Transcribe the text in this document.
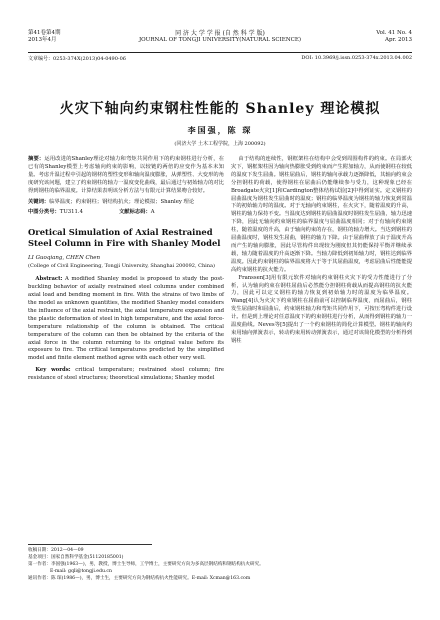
第41卷第4期
2013年4月
同 济 大 学 学 报 (自 然 科 学 版)
JOURNAL OF TONGJI UNIVERSITY(NATURAL SCIENCE)
Vol. 41 No. 4
Apr. 2013
文章编号：0253-374X(2013)04-0490-06	DOI: 10.3969/j.issn.0253-374x.2013.04.002
火灾下轴向约束钢柱性能的 Shanley 理论模拟
李国强，陈 琛
(同济大学 土木工程学院，上海 200092)

摘要：运用改进的Shanley理论对轴力和弯矩共同作用下的约束钢柱进行分析，在已有的Shanley模型上考虑轴向约束的影响，以较链的两倍的应变作为基本未知量。考虑升温过程中引起的钢材的塑性变形和轴向温度膨胀，从弹塑性、大变形的角度研究该问题，建立了约束钢柱的轴力一温度变化曲线，最后通过与初始轴力的对比得到钢柱的临界温度。计算结果表明该分析方法与有限元计算结果吻合较好。

关键词：临界温度；约束钢柱；钢结构抗火；理论模拟；Shanley 理论

中图分类号：TU311.4	文献标志码：A

Oretical Simulation of Axial Restrained Steel Column in Fire with Shanley Model

LI Guoqiang, CHEN Chen

(College of Civil Engineering, Tongji University, Shanghai 200092, China)

Abstract: A modified Shanley model is proposed to study the post-buckling behavior of axially restrained steel columns under combined axial load and bending moment in fire. With the strains of two limbs of the model as unknown quantities, the modified Shanley model considers the influence of the axial restraint, the axial temperature expansion and the plastic deformation of steel in high temperature, and the axial force-temperature relationship of the column is obtained. The critical temperature of the column can then be obtained by the criteria of the axial force in the column returning to its original value before its exposure to fire. The critical temperatures predicted by the simplified model and finite element method agree with each other very well.

Key words: critical temperature; restrained steel column; fire resistance of steel structures; theoretical simulations; Shanley model

由于结构的连续性，钢框架柱在结构中会受到周围构件的约束。在局部火灾下，钢框架柱因为轴向热膨胀受到约束而产生附加轴力，从而使钢柱在较低的温度下发生屈曲。钢柱屈曲后，钢柱的轴向承载力逐渐降低，其轴向约束会分担钢柱的荷载，使得钢柱在屈曲后仍能继续参与受力，这种现象已经在Broadgate火灾[1]和Cardington整体结构试验[2]中得到证实。定义钢柱的屈曲温度为钢柱发生屈曲时的温度；钢柱的临界温度为钢柱的轴力恢复到常温下的初始轴力时的温度。对于无轴向约束钢柱，在火灾下，随着温度的升高，钢柱的轴力保持不变。当温度达到钢柱的屈曲温度时钢柱发生屈曲，轴力迅速下降，因此无轴向约束钢柱的临界温度与屈曲温度相同；对于有轴向约束钢柱，随着温度的升高，由于轴向约束的存在，钢柱的轴力增大。当达到钢柱的屈曲温度时，钢柱发生屈曲，钢柱的轴力下降。由于屈曲释放了由于温度升高而产生的轴向膨胀，因此尽管构件出现较为刚度但其仍能保持平衡并继续承载，轴力随着温度的升高逐渐下降。当轴力降低到初始轴力时，钢柱达到临界温度。因此约束钢柱的临界温度将大于等于其屈曲温度，考虑屈曲后性能能提高约束钢柱的抗火能力。

Franssen[3]用有限元软件对轴向约束钢柱火灾下的受力性能进行了分析，认为轴向约束在钢柱屈曲后必然能分担钢柱荷载从而提高钢柱的抗火能力，因此可以定义钢柱的轴力恢复到初始轴力时的温度为临界温度。Wang[4]认为火灾下约束钢柱在屈曲前可以控制临界温度，而屈曲后，钢柱发生屈曲时和屈曲后，约束钢柱轴力和弯矩共同作用下，可按压弯构件进行设计。但是到上理论对任意温度下的约束钢柱进行分析，从而得到钢柱的轴力一温度曲线。Neves等[5]提出了一个约束钢柱的简化计算模型。钢柱的轴向约束用轴向弹簧表示，转动约束用转动弹簧表示，通过对该简化模型的分析得到钢柱

收稿日期：2012—04—09

基金项目：国家自然科学基金(51120185001)

第一作者：李国强(1963—)，男，教授，博士生导师，工学博士，主要研究方向为多高层钢结构和钢结构抗火研究。

E-mail: gqli@tongji.edu.cn

通讯作者：陈 琛(1986—)，男，博士生，主要研究方向为钢结构抗火性能研究。E-mail: Xcman@163.com
